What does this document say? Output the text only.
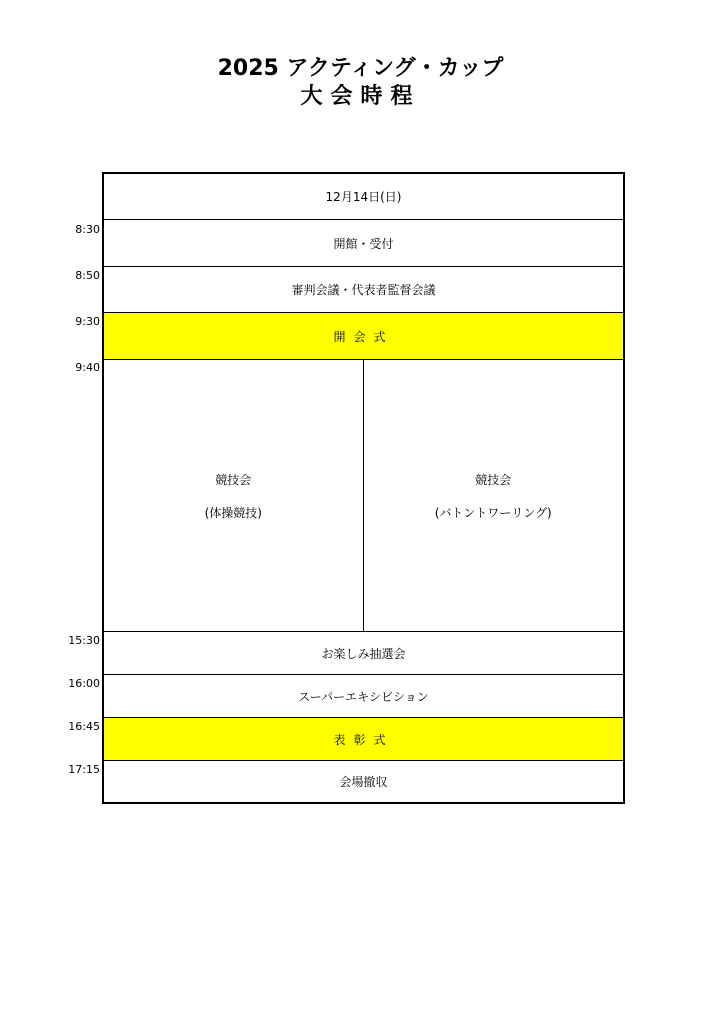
2025 アクティング・カップ
大会時程
8:30
8:50
9:30
9:40
15:30
16:00
16:45
17:15
12月14日(日)
開館・受付
審判会議・代表者監督会議
開会式
競技会
(体操競技)
競技会
(バトントワーリング)
お楽しみ抽選会
スーパーエキシビション
表彰式
会場撤収
